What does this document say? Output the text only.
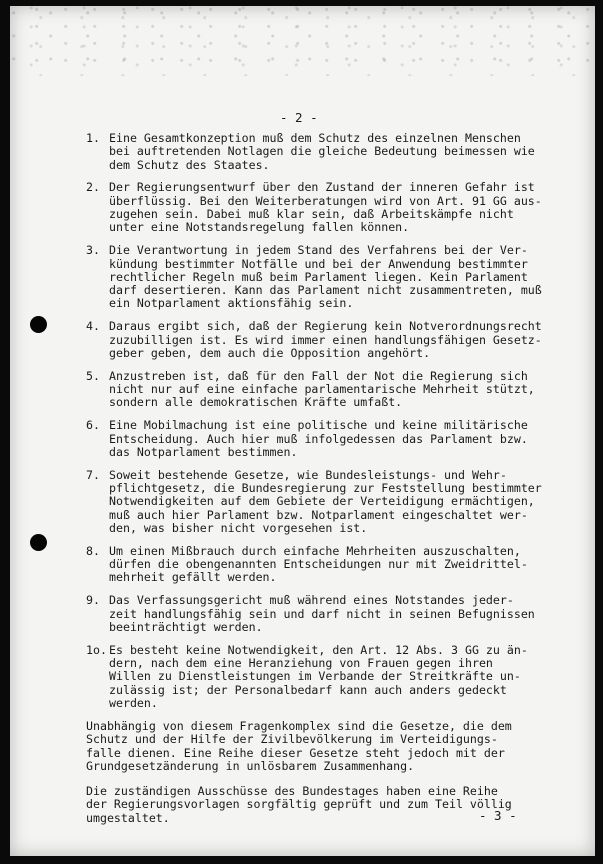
- 2 -
1. Eine Gesamtkonzeption muß dem Schutz des einzelnen Menschen
bei auftretenden Notlagen die gleiche Bedeutung beimessen wie
dem Schutz des Staates.
2. Der Regierungsentwurf über den Zustand der inneren Gefahr ist
überflüssig. Bei den Weiterberatungen wird von Art. 91 GG aus-
zugehen sein. Dabei muß klar sein, daß Arbeitskämpfe nicht
unter eine Notstandsregelung fallen können.
3. Die Verantwortung in jedem Stand des Verfahrens bei der Ver-
kündung bestimmter Notfälle und bei der Anwendung bestimmter
rechtlicher Regeln muß beim Parlament liegen. Kein Parlament
darf desertieren. Kann das Parlament nicht zusammentreten, muß
ein Notparlament aktionsfähig sein.
4. Daraus ergibt sich, daß der Regierung kein Notverordnungsrecht
zuzubilligen ist. Es wird immer einen handlungsfähigen Gesetz-
geber geben, dem auch die Opposition angehört.
5. Anzustreben ist, daß für den Fall der Not die Regierung sich
nicht nur auf eine einfache parlamentarische Mehrheit stützt,
sondern alle demokratischen Kräfte umfaßt.
6. Eine Mobilmachung ist eine politische und keine militärische
Entscheidung. Auch hier muß infolgedessen das Parlament bzw.
das Notparlament bestimmen.
7. Soweit bestehende Gesetze, wie Bundesleistungs- und Wehr-
pflichtgesetz, die Bundesregierung zur Feststellung bestimmter
Notwendigkeiten auf dem Gebiete der Verteidigung ermächtigen,
muß auch hier Parlament bzw. Notparlament eingeschaltet wer-
den, was bisher nicht vorgesehen ist.
8. Um einen Mißbrauch durch einfache Mehrheiten auszuschalten,
dürfen die obengenannten Entscheidungen nur mit Zweidrittel-
mehrheit gefällt werden.
9. Das Verfassungsgericht muß während eines Notstandes jeder-
zeit handlungsfähig sein und darf nicht in seinen Befugnissen
beeinträchtigt werden.
1o. Es besteht keine Notwendigkeit, den Art. 12 Abs. 3 GG zu än-
dern, nach dem eine Heranziehung von Frauen gegen ihren
Willen zu Dienstleistungen im Verbande der Streitkräfte un-
zulässig ist; der Personalbedarf kann auch anders gedeckt
werden.
Unabhängig von diesem Fragenkomplex sind die Gesetze, die dem
Schutz und der Hilfe der Zivilbevölkerung im Verteidigungs-
falle dienen. Eine Reihe dieser Gesetze steht jedoch mit der
Grundgesetzänderung in unlösbarem Zusammenhang.
Die zuständigen Ausschüsse des Bundestages haben eine Reihe
der Regierungsvorlagen sorgfältig geprüft und zum Teil völlig
umgestaltet.	- 3 -
